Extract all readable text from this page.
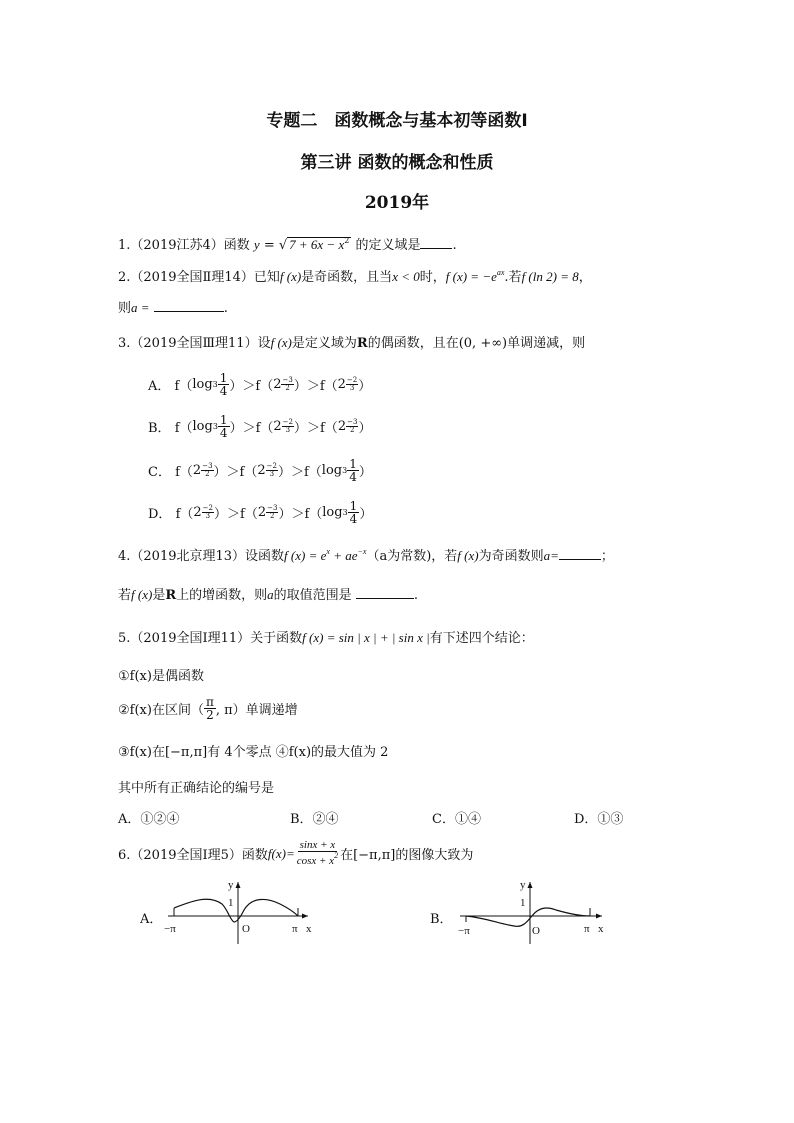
专题二　函数概念与基本初等函数Ⅰ
第三讲 函数的概念和性质
2019年
1.（2019江苏4）函数 y = √ $7 + 6x - x^2$ 的定义域是 .
2.（2019全国Ⅱ理14）已知f (x)是奇函数，且当x < 0时，f $(x) = -e^{ax}$.若f (ln 2) = 8，
则a =	.
3.（2019全国Ⅲ理11）设f (x)是定义域为R的偶函数，且在(0, +∞)单调递减，则
A．
f（ $\log 3 \frac{1}{4} )>f$（ $2 \frac{-3}{2} )>f$（ $2 \frac{-2}{3}$ ）
B．
f（ $\log 3 \frac{1}{4} )>f$（ $2 \frac{-2}{3} )>f$（ $2 \frac{-3}{2}$ ）
C．
f（ $2 \frac{-3}{2} )>f$（ $2 \frac{-2}{3} )>f$（ $\log 3 \frac{1}{4}$ ）
D．
f（ $2 \frac{-2}{3} )>f$（ $2 \frac{-3}{2} )>f$（ $\log 3 \frac{1}{4}$ ）
4.（2019北京理13）设函数f $(x) = e^x + ae^{-x}(a$为常数)，若f (x)为奇函数则a=	；
若f (x)是R上的增函数，则a的取值范围是	.
5.（2019全国Ⅰ理11）关于函数f (x) = sin | x | + | sin x |有下述四个结论：
①f(x)是偶函数
②f(x)在区间（ $\frac{\pi}{2}$ , π）单调递增
③f(x)在[−π,π]有 4个零点 ④f(x)的最大值为 2
其中所有正确结论的编号是
A．①②④	B．②④	C．①④	D．①③
6.（2019全国Ⅰ理5）函数 $f(x)= \frac{\sin x + x}{\cos x + x^2}$ 在[−π,π]的图像大致为
A．
y
1
−π	O	π x
B．
y
1
−π	O	π x
